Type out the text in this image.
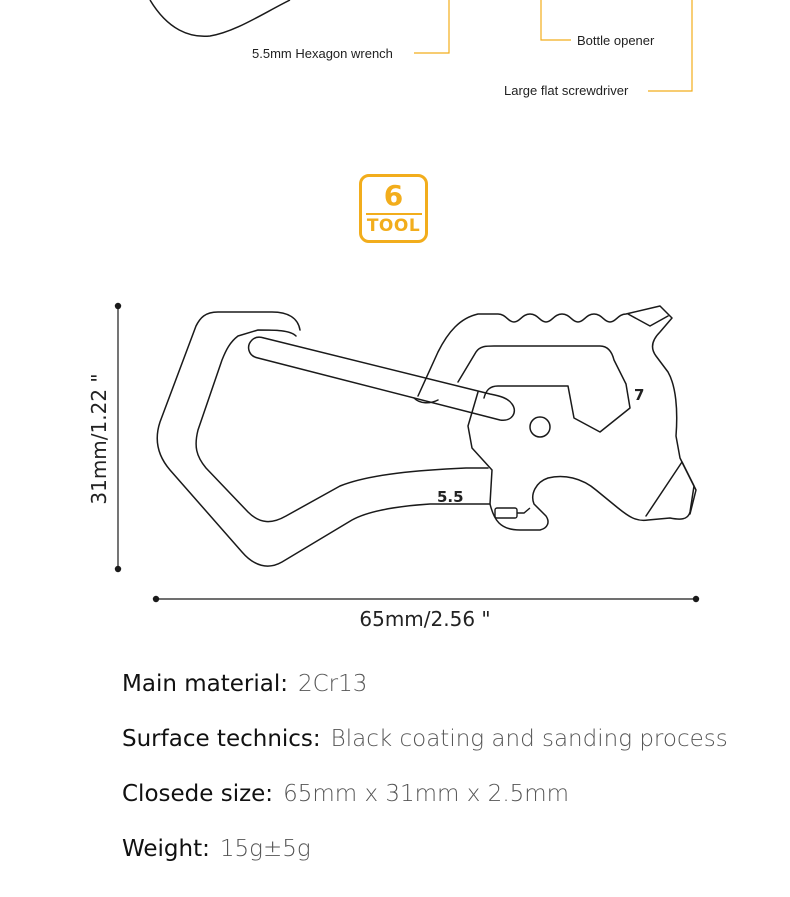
5.5mm Hexagon wrench
Bottle opener
Large flat screwdriver
6
TOOL
5.5
7
31mm/1.22 "
65mm/2.56 "
Main material: 2Cr13
Surface technics: Black coating and sanding process
Closede size: 65mm x 31mm x 2.5mm
Weight: 15g±5g
